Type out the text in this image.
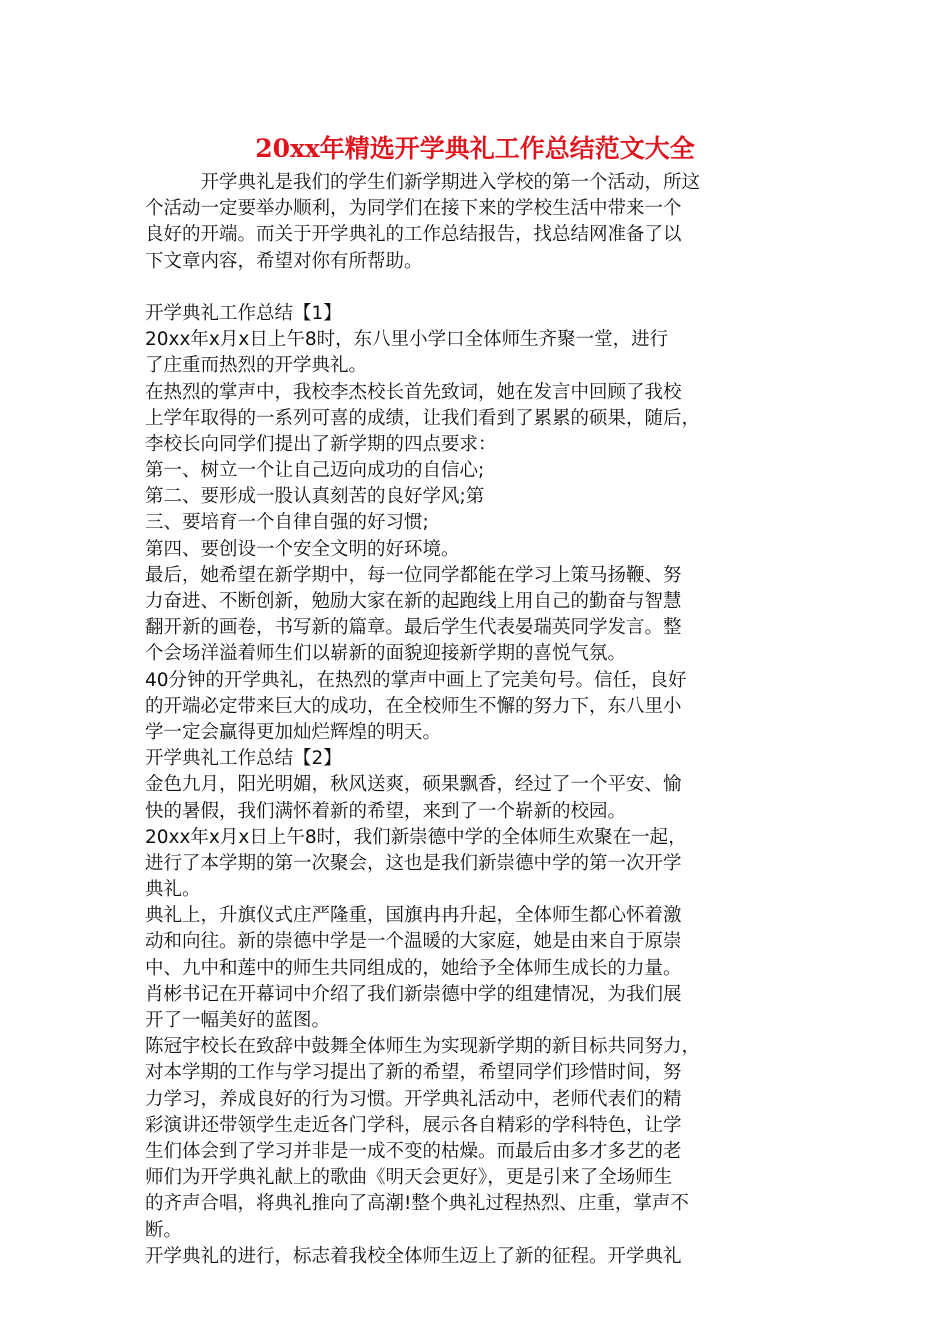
20xx年精选开学典礼工作总结范文大全
　　　开学典礼是我们的学生们新学期进入学校的第一个活动，所这
个活动一定要举办顺利，为同学们在接下来的学校生活中带来一个
良好的开端。而关于开学典礼的工作总结报告，找总结网准备了以
下文章内容，希望对你有所帮助。
开学典礼工作总结【1】
20xx年x月x日上午8时，东八里小学口全体师生齐聚一堂，进行
了庄重而热烈的开学典礼。
在热烈的掌声中，我校李杰校长首先致词，她在发言中回顾了我校
上学年取得的一系列可喜的成绩，让我们看到了累累的硕果，随后，
李校长向同学们提出了新学期的四点要求：
第一、树立一个让自己迈向成功的自信心;
第二、要形成一股认真刻苦的良好学风;第
三、要培育一个自律自强的好习惯;
第四、要创设一个安全文明的好环境。
最后，她希望在新学期中，每一位同学都能在学习上策马扬鞭、努
力奋进、不断创新，勉励大家在新的起跑线上用自己的勤奋与智慧
翻开新的画卷，书写新的篇章。最后学生代表晏瑞英同学发言。整
个会场洋溢着师生们以崭新的面貌迎接新学期的喜悦气氛。
40分钟的开学典礼，在热烈的掌声中画上了完美句号。信任，良好
的开端必定带来巨大的成功，在全校师生不懈的努力下，东八里小
学一定会赢得更加灿烂辉煌的明天。
开学典礼工作总结【2】
金色九月，阳光明媚，秋风送爽，硕果飘香，经过了一个平安、愉
快的暑假，我们满怀着新的希望，来到了一个崭新的校园。
20xx年x月x日上午8时，我们新崇德中学的全体师生欢聚在一起，
进行了本学期的第一次聚会，这也是我们新崇德中学的第一次开学
典礼。
典礼上，升旗仪式庄严隆重，国旗冉冉升起，全体师生都心怀着激
动和向往。新的崇德中学是一个温暖的大家庭，她是由来自于原崇
中、九中和莲中的师生共同组成的，她给予全体师生成长的力量。
肖彬书记在开幕词中介绍了我们新崇德中学的组建情况，为我们展
开了一幅美好的蓝图。
陈冠宇校长在致辞中鼓舞全体师生为实现新学期的新目标共同努力，
对本学期的工作与学习提出了新的希望，希望同学们珍惜时间，努
力学习，养成良好的行为习惯。开学典礼活动中，老师代表们的精
彩演讲还带领学生走近各门学科，展示各自精彩的学科特色，让学
生们体会到了学习并非是一成不变的枯燥。而最后由多才多艺的老
师们为开学典礼献上的歌曲《明天会更好》，更是引来了全场师生
的齐声合唱，将典礼推向了高潮!整个典礼过程热烈、庄重，掌声不
断。
开学典礼的进行，标志着我校全体师生迈上了新的征程。开学典礼
